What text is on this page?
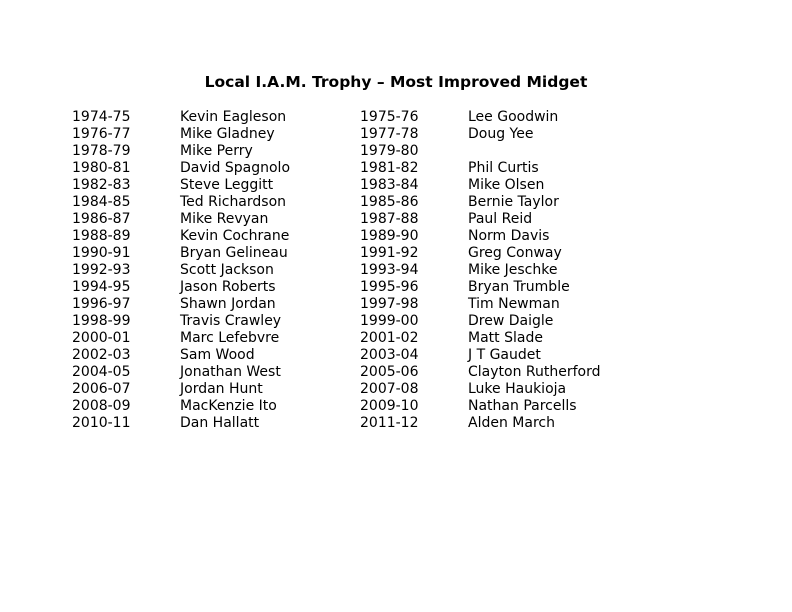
Local I.A.M. Trophy – Most Improved Midget
1974-75	Kevin Eagleson	1975-76	Lee Goodwin
1976-77	Mike Gladney	1977-78	Doug Yee
1978-79	Mike Perry	1979-80
1980-81	David Spagnolo	1981-82	Phil Curtis
1982-83	Steve Leggitt	1983-84	Mike Olsen
1984-85	Ted Richardson	1985-86	Bernie Taylor
1986-87	Mike Revyan	1987-88	Paul Reid
1988-89	Kevin Cochrane	1989-90	Norm Davis
1990-91	Bryan Gelineau	1991-92	Greg Conway
1992-93	Scott Jackson	1993-94	Mike Jeschke
1994-95	Jason Roberts	1995-96	Bryan Trumble
1996-97	Shawn Jordan	1997-98	Tim Newman
1998-99	Travis Crawley	1999-00	Drew Daigle
2000-01	Marc Lefebvre	2001-02	Matt Slade
2002-03	Sam Wood	2003-04	J T Gaudet
2004-05	Jonathan West	2005-06	Clayton Rutherford
2006-07	Jordan Hunt	2007-08	Luke Haukioja
2008-09	MacKenzie Ito	2009-10	Nathan Parcells
2010-11	Dan Hallatt	2011-12	Alden March
